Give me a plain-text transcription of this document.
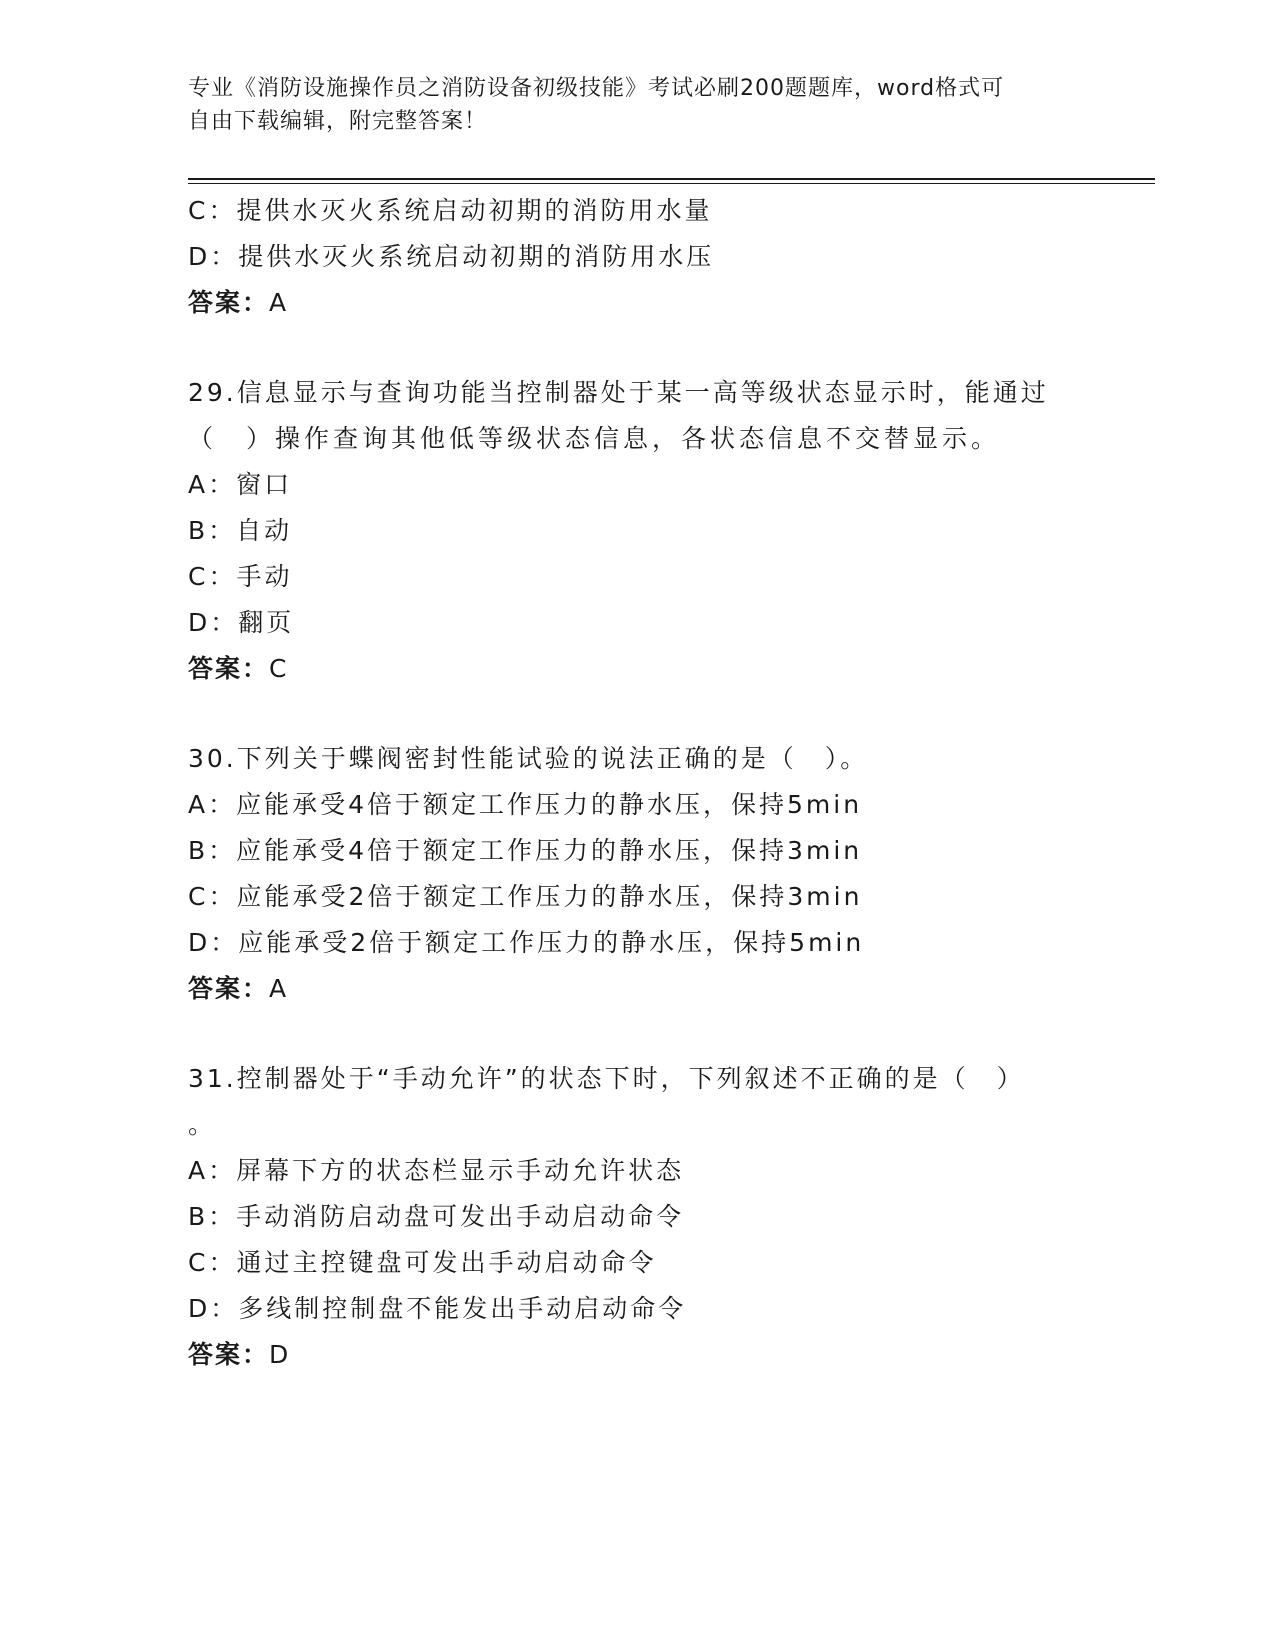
专业《消防设施操作员之消防设备初级技能》考试必刷200题题库，word格式可
自由下载编辑，附完整答案！
C：提供水灭火系统启动初期的消防用水量
D：提供水灭火系统启动初期的消防用水压
答案：A
29.信息显示与查询功能当控制器处于某一高等级状态显示时，能通过
（　）操作查询其他低等级状态信息，各状态信息不交替显示。
A：窗口
B：自动
C：手动
D：翻页
答案：C
30.下列关于蝶阀密封性能试验的说法正确的是（　）。
A：应能承受4倍于额定工作压力的静水压，保持5min
B：应能承受4倍于额定工作压力的静水压，保持3min
C：应能承受2倍于额定工作压力的静水压，保持3min
D：应能承受2倍于额定工作压力的静水压，保持5min
答案：A
31.控制器处于“手动允许”的状态下时，下列叙述不正确的是（　）
。
A：屏幕下方的状态栏显示手动允许状态
B：手动消防启动盘可发出手动启动命令
C：通过主控键盘可发出手动启动命令
D：多线制控制盘不能发出手动启动命令
答案：D
